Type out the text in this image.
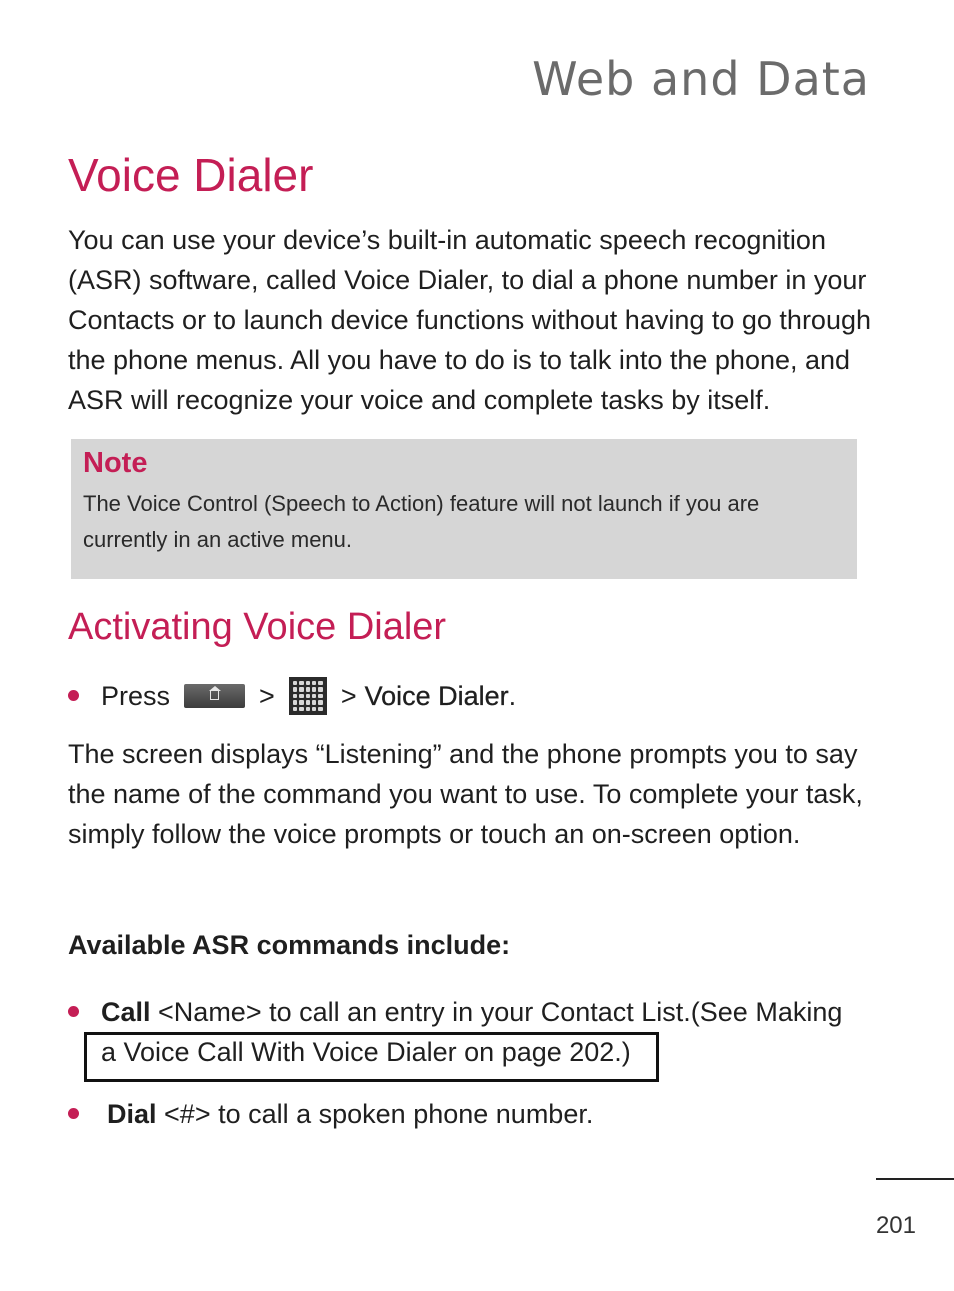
Web and Data
Voice Dialer

You can use your device’s built-in automatic speech recognition (ASR) software, called Voice Dialer, to dial a phone number in your Contacts or to launch device functions without having to go through the phone menus. All you have to do is to talk into the phone, and ASR will recognize your voice and complete tasks by itself.

Note

The Voice Control (Speech to Action) feature will not launch if you are currently in an active menu.

Activating Voice Dialer
Press	> > Voice Dialer .

The screen displays “Listening” and the phone prompts you to say the name of the command you want to use. To complete your task, simply follow the voice prompts or touch an on-screen option.

Available ASR commands include:
Call <Name> to call an entry in your Contact List.(See Making
a Voice Call With Voice Dialer on page 202.)
Dial <#> to call a spoken phone number.
201
